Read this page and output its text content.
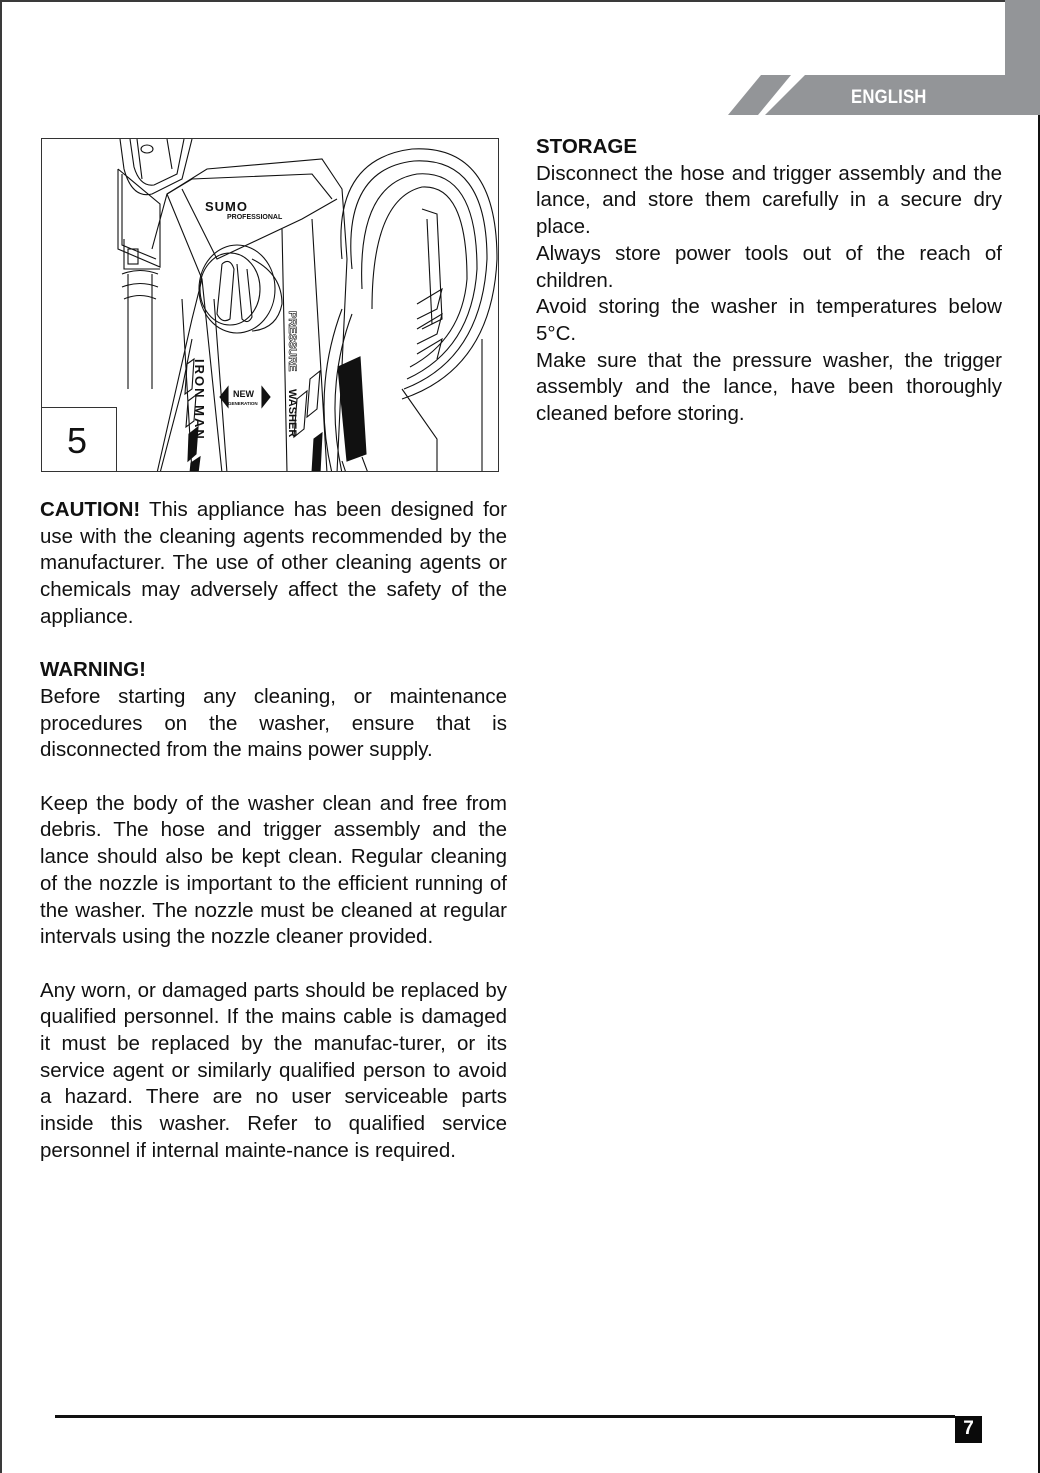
ENGLISH
SUMO
PROFESSIONAL
IRON MAN
PRESSURE
WASHER
NEW
GENERATION
5

CAUTION! This appliance has been designed for use with the cleaning agents recommended by the manufacturer. The use of other cleaning agents or chemicals may adversely affect the safety of the appliance.

WARNING!

Before starting any cleaning, or maintenance procedures on the washer, ensure that is disconnected from the mains power supply.

Keep the body of the washer clean and free from debris. The hose and trigger assembly and the lance should also be kept clean. Regular cleaning of the nozzle is important to the efficient running of the washer. The nozzle must be cleaned at regular intervals using the nozzle cleaner provided.

Any worn, or damaged parts should be replaced by qualified personnel. If the mains cable is damaged it must be replaced by the manufac-turer, or its service agent or similarly qualified person to avoid a hazard. There are no user serviceable parts inside this washer. Refer to qualified service personnel if internal mainte-nance is required.

STORAGE

Disconnect the hose and trigger assembly and the lance, and store them carefully in a secure dry place.

Always store power tools out of the reach of children.

Avoid storing the washer in temperatures below 5°C.

Make sure that the pressure washer, the trigger assembly and the lance, have been thoroughly cleaned before storing.

7
